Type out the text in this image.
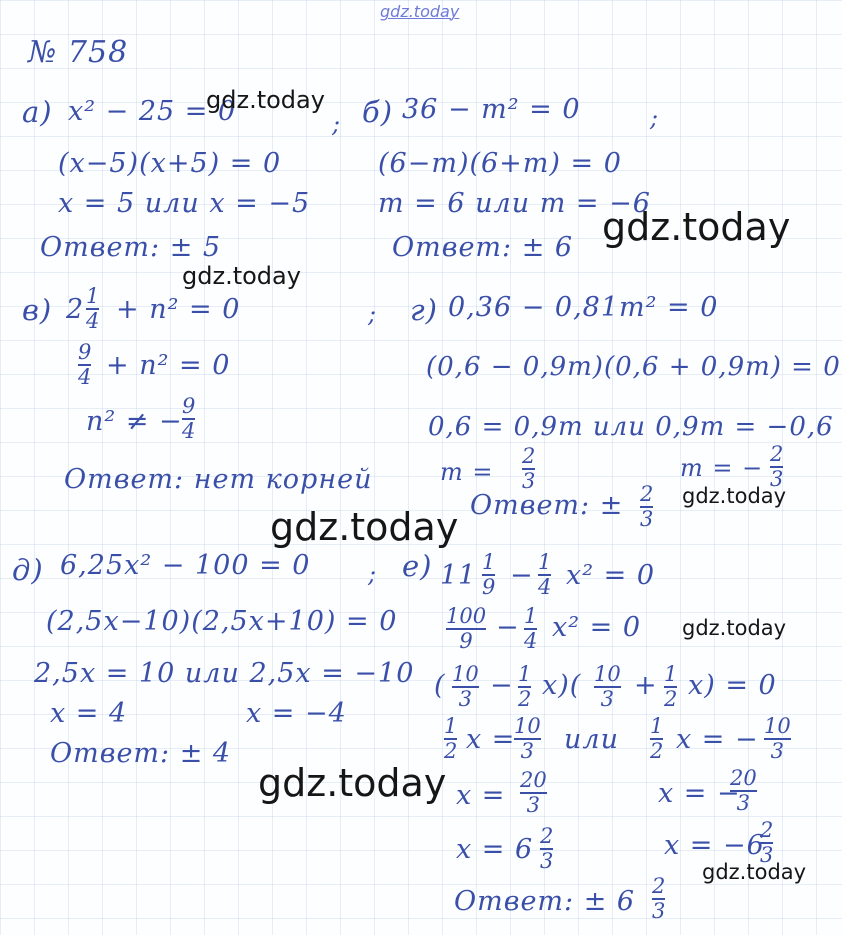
gdz.today
№ 758
а) x² − 25 = 0
(x−5)(x+5) = 0
x = 5 или x = −5
Ответ: ± 5
; б) 36 − m² = 0
(6−m)(6+m) = 0
m = 6 или m = −6
Ответ: ± 6
в) 2 1
4 + n² = 0
9
4 + n² = 0
n² ≠ − 9
4
Ответ: нет корней
; г) 0,36 − 0,81m² = 0
(0,6 − 0,9m)(0,6 + 0,9m) = 0
0,6 = 0,9m или 0,9m = −0,6
m =
2
3	m = − 2
3
Ответ: ± 2
3
д) 6,25x² − 100 = 0
(2,5x−10)(2,5x+10) = 0
2,5x = 10 или 2,5x = −10
x = 4	x = −4
Ответ: ± 4
; е) 11 1
9 − 1
4 x² = 0
100
9 − 1
4 x² = 0
( 10
3 − 1
2 x)( 10
3 + 1
2 x) = 0
1
2 x =
10
3 или 1
2 x = − 10
3
x = 20
3	x = −
20
3
x = 6 2
3	x = −6
2
3
Ответ: ± 6 2
3
gdz.today
gdz.today
gdz.today
gdz.today
gdz.today
gdz.today
gdz.today
gdz.today
;
